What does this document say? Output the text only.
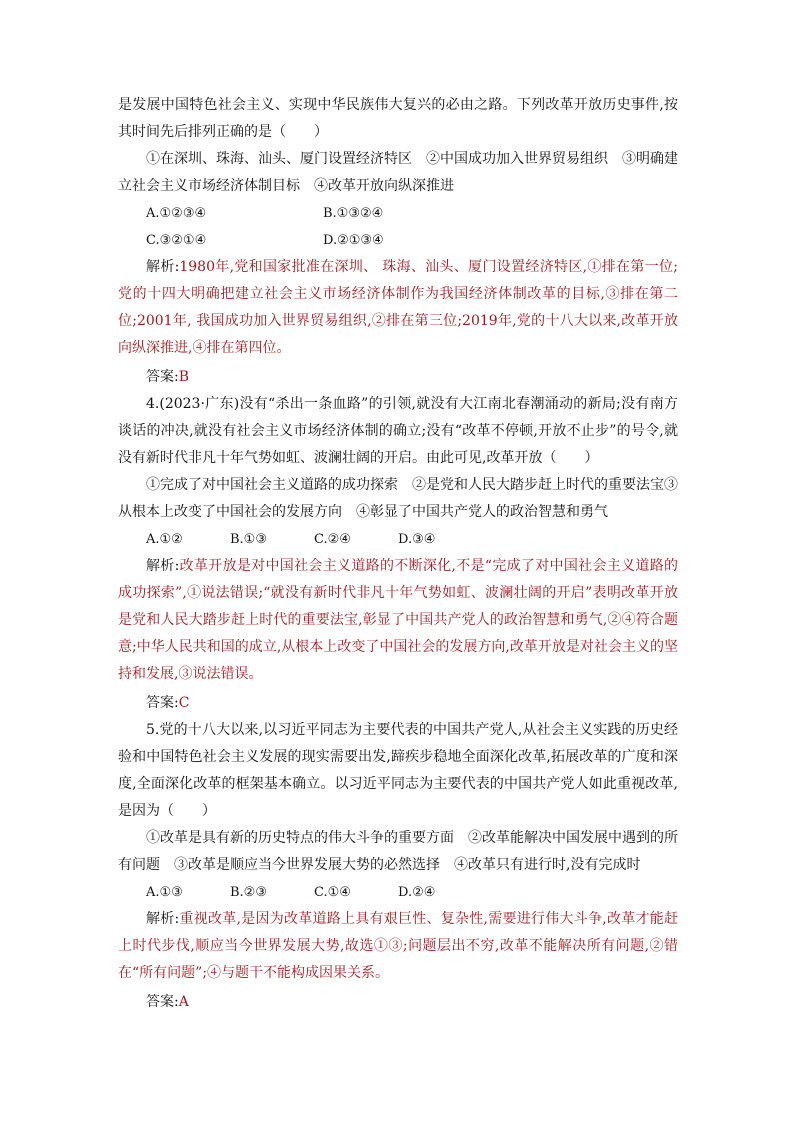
是发展中国特色社会主义、实现中华民族伟大复兴的必由之路。下列改革开放历史事件,按其时间先后排列正确的是（　　）

①在深圳、珠海、汕头、厦门设置经济特区　②中国成功加入世界贸易组织　③明确建立社会主义市场经济体制目标　④改革开放向纵深推进

A.①②③④	B.①③②④
C.③②①④	D.②①③④

解析:1980年,党和国家批准在深圳、 珠海、汕头、厦门设置经济特区,①排在第一位;党的十四大明确把建立社会主义市场经济体制作为我国经济体制改革的目标,③排在第二位;2001年, 我国成功加入世界贸易组织,②排在第三位;2019年,党的十八大以来,改革开放向纵深推进,④排在第四位。

答案:B

4.(2023·广东)没有“杀出一条血路”的引领,就没有大江南北春潮涌动的新局;没有南方谈话的冲决,就没有社会主义市场经济体制的确立;没有“改革不停顿,开放不止步”的号令,就没有新时代非凡十年气势如虹、波澜壮阔的开启。由此可见,改革开放（　　）

①完成了对中国社会主义道路的成功探索　②是党和人民大踏步赶上时代的重要法宝③从根本上改变了中国社会的发展方向　④彰显了中国共产党人的政治智慧和勇气

A.①②	B.①③	C.②④	D.③④

解析:改革开放是对中国社会主义道路的不断深化,不是“完成了对中国社会主义道路的成功探索”,①说法错误;“就没有新时代非凡十年气势如虹、波澜壮阔的开启”表明改革开放是党和人民大踏步赶上时代的重要法宝,彰显了中国共产党人的政治智慧和勇气,②④符合题意;中华人民共和国的成立,从根本上改变了中国社会的发展方向,改革开放是对社会主义的坚持和发展,③说法错误。

答案:C

5.党的十八大以来,以习近平同志为主要代表的中国共产党人,从社会主义实践的历史经验和中国特色社会主义发展的现实需要出发,蹄疾步稳地全面深化改革,拓展改革的广度和深度,全面深化改革的框架基本确立。以习近平同志为主要代表的中国共产党人如此重视改革,是因为（　　）

①改革是具有新的历史特点的伟大斗争的重要方面　②改革能解决中国发展中遇到的所有问题　③改革是顺应当今世界发展大势的必然选择　④改革只有进行时,没有完成时

A.①③	B.②③	C.①④	D.②④

解析:重视改革,是因为改革道路上具有艰巨性、复杂性,需要进行伟大斗争,改革才能赶上时代步伐,顺应当今世界发展大势,故选①③;问题层出不穷,改革不能解决所有问题,②错在“所有问题”;④与题干不能构成因果关系。

答案:A
